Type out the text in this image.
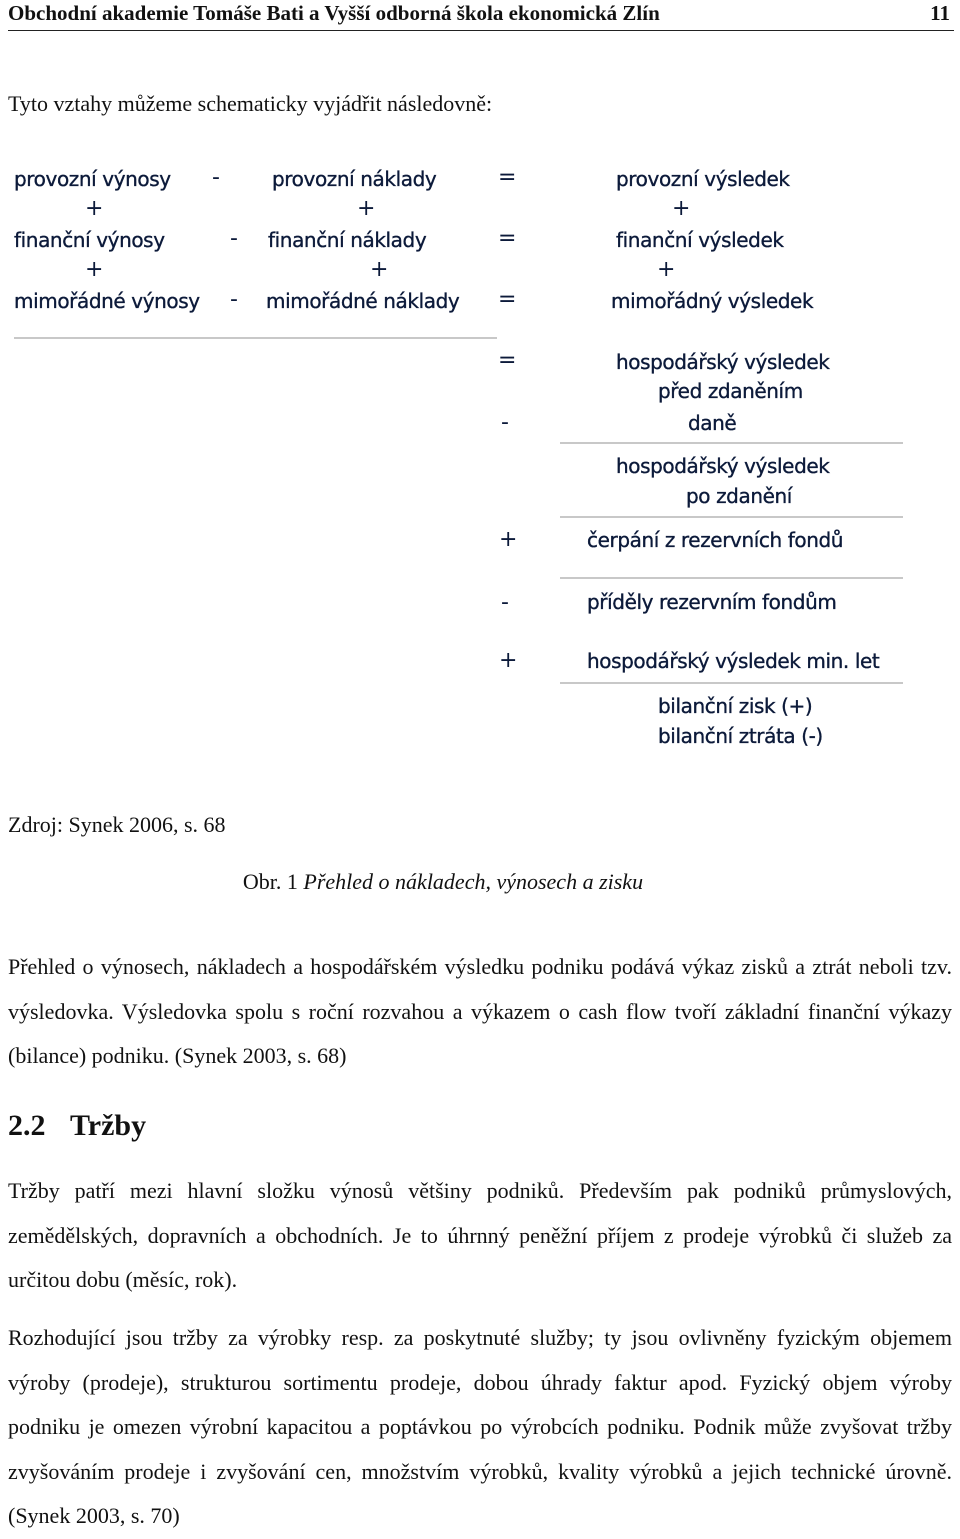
Obchodní akademie Tomáše Bati a Vyšší odborná škola ekonomická Zlín	11
Tyto vztahy můžeme schematicky vyjádřit následovně:
provozní výnosy -	provozní náklady	=	provozní výsledek
+	+	+
finanční výnosy	- finanční náklady	=	finanční výsledek
+	+	+
mimořádné výnosy - mimořádné náklady =	mimořádný výsledek
=	hospodářský výsledek
před zdaněním
-	daně
hospodářský výsledek
po zdanění
+	čerpání z rezervních fondů
-	příděly rezervním fondům
+	hospodářský výsledek min. let
bilanční zisk (+)
bilanční ztráta (-)
Zdroj: Synek 2006, s. 68
Obr. 1 Přehled o nákladech, výnosech a zisku
Přehled o výnosech, nákladech a hospodářském výsledku podniku podává výkaz zisků a ztrát neboli tzv. výsledovka. Výsledovka spolu s roční rozvahou a výkazem o cash flow tvoří základní finanční výkazy (bilance) podniku. (Synek 2003, s. 68)
2.2 Tržby
Tržby patří mezi hlavní složku výnosů většiny podniků. Především pak podniků průmyslových, zemědělských, dopravních a obchodních. Je to úhrnný peněžní příjem z prodeje výrobků či služeb za určitou dobu (měsíc, rok).
Rozhodující jsou tržby za výrobky resp. za poskytnuté služby; ty jsou ovlivněny fyzickým objemem výroby (prodeje), strukturou sortimentu prodeje, dobou úhrady faktur apod. Fyzický objem výroby podniku je omezen výrobní kapacitou a poptávkou po výrobcích podniku. Podnik může zvyšovat tržby zvyšováním prodeje i zvyšování cen, množstvím výrobků, kvality výrobků a jejich technické úrovně. (Synek 2003, s. 70)
